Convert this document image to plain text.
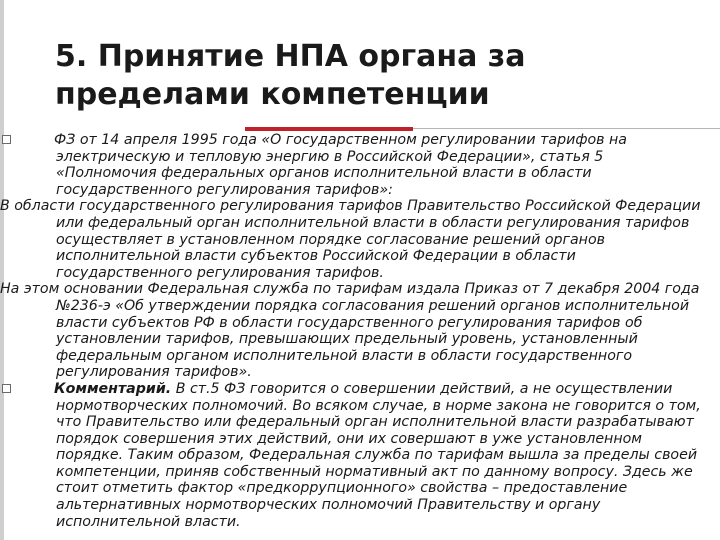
5. Принятие НПА органа за пределами компетенции

ФЗ от 14 апреля 1995 года «О государственном регулировании тарифов на электрическую и тепловую энергию в Российской Федерации», статья 5 «Полномочия федеральных органов исполнительной власти в области государственного регулирования тарифов»:

В области государственного регулирования тарифов Правительство Российской Федерации или федеральный орган исполнительной власти в области регулирования тарифов осуществляет в установленном порядке согласование решений органов исполнительной власти субъектов Российской Федерации в области государственного регулирования тарифов.

На этом основании Федеральная служба по тарифам издала Приказ от 7 декабря 2004 года №236-э «Об утверждении порядка согласования решений органов исполнительной власти субъектов РФ в области государственного регулирования тарифов об установлении тарифов, превышающих предельный уровень, установленный федеральным органом исполнительной власти в области государственного регулирования тарифов».

Комментарий. В ст.5 ФЗ говорится о совершении действий, а не осуществлении нормотворческих полномочий. Во всяком случае, в норме закона не говорится о том, что Правительство или федеральный орган исполнительной власти разрабатывают порядок совершения этих действий, они их совершают в уже установленном порядке. Таким образом, Федеральная служба по тарифам вышла за пределы своей компетенции, приняв собственный нормативный акт по данному вопросу. Здесь же стоит отметить фактор «предкоррупционного» свойства – предоставление альтернативных нормотворческих полномочий Правительству и органу исполнительной власти.
